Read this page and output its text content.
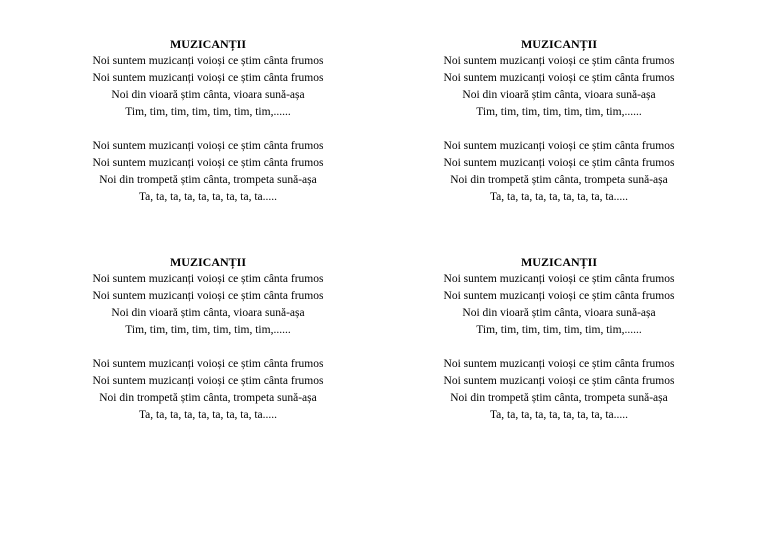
MUZICANȚII
Noi suntem muzicanți voioși ce știm cânta frumos
Noi suntem muzicanți voioși ce știm cânta frumos
Noi din vioară știm cânta, vioara sună-așa
Tim, tim, tim, tim, tim, tim, tim,......
Noi suntem muzicanți voioși ce știm cânta frumos
Noi suntem muzicanți voioși ce știm cânta frumos
Noi din trompetă știm cânta, trompeta sună-așa
Ta, ta, ta, ta, ta, ta, ta, ta, ta.....
MUZICANȚII
Noi suntem muzicanți voioși ce știm cânta frumos
Noi suntem muzicanți voioși ce știm cânta frumos
Noi din vioară știm cânta, vioara sună-așa
Tim, tim, tim, tim, tim, tim, tim,......
Noi suntem muzicanți voioși ce știm cânta frumos
Noi suntem muzicanți voioși ce știm cânta frumos
Noi din trompetă știm cânta, trompeta sună-așa
Ta, ta, ta, ta, ta, ta, ta, ta, ta.....
MUZICANȚII
Noi suntem muzicanți voioși ce știm cânta frumos
Noi suntem muzicanți voioși ce știm cânta frumos
Noi din vioară știm cânta, vioara sună-așa
Tim, tim, tim, tim, tim, tim, tim,......
Noi suntem muzicanți voioși ce știm cânta frumos
Noi suntem muzicanți voioși ce știm cânta frumos
Noi din trompetă știm cânta, trompeta sună-așa
Ta, ta, ta, ta, ta, ta, ta, ta, ta.....
MUZICANȚII
Noi suntem muzicanți voioși ce știm cânta frumos
Noi suntem muzicanți voioși ce știm cânta frumos
Noi din vioară știm cânta, vioara sună-așa
Tim, tim, tim, tim, tim, tim, tim,......
Noi suntem muzicanți voioși ce știm cânta frumos
Noi suntem muzicanți voioși ce știm cânta frumos
Noi din trompetă știm cânta, trompeta sună-așa
Ta, ta, ta, ta, ta, ta, ta, ta, ta.....
